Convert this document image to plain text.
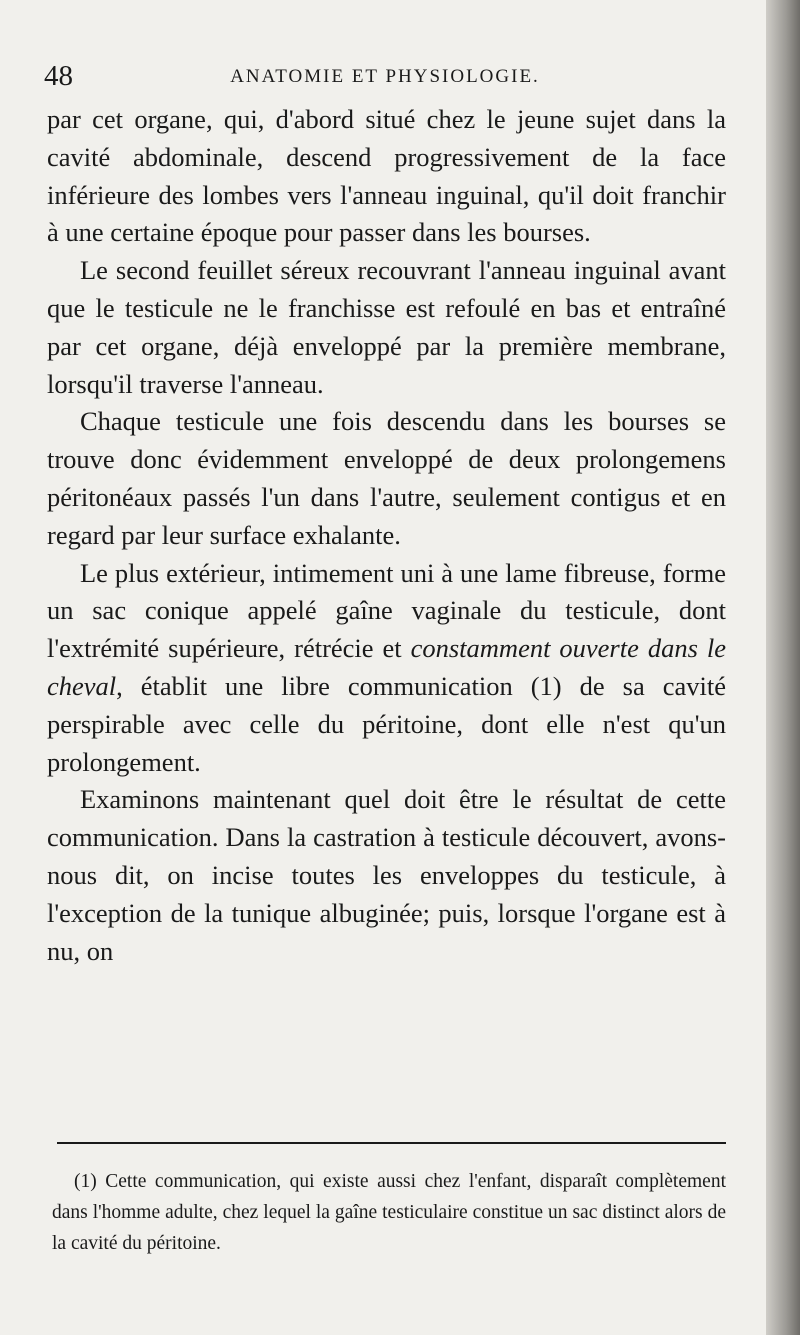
48	ANATOMIE ET PHYSIOLOGIE.

par cet organe, qui, d'abord situé chez le jeune sujet dans la cavité abdominale, descend progressivement de la face inférieure des lombes vers l'anneau inguinal, qu'il doit franchir à une certaine époque pour passer dans les bourses.

Le second feuillet séreux recouvrant l'anneau inguinal avant que le testicule ne le franchisse est refoulé en bas et entraîné par cet organe, déjà enveloppé par la première membrane, lorsqu'il traverse l'anneau.

Chaque testicule une fois descendu dans les bourses se trouve donc évidemment enveloppé de deux prolongemens péritonéaux passés l'un dans l'autre, seulement contigus et en regard par leur surface exhalante.

Le plus extérieur, intimement uni à une lame fibreuse, forme un sac conique appelé gaîne vaginale du testicule, dont l'extrémité supérieure, rétrécie et constamment ouverte dans le cheval, établit une libre communication (1) de sa cavité perspirable avec celle du péritoine, dont elle n'est qu'un prolongement.

Examinons maintenant quel doit être le résultat de cette communication. Dans la castration à testicule découvert, avons-nous dit, on incise toutes les enveloppes du testicule, à l'exception de la tunique albuginée; puis, lorsque l'organe est à nu, on

(1) Cette communication, qui existe aussi chez l'enfant, disparaît complètement dans l'homme adulte, chez lequel la gaîne testiculaire constitue un sac distinct alors de la cavité du péritoine.
